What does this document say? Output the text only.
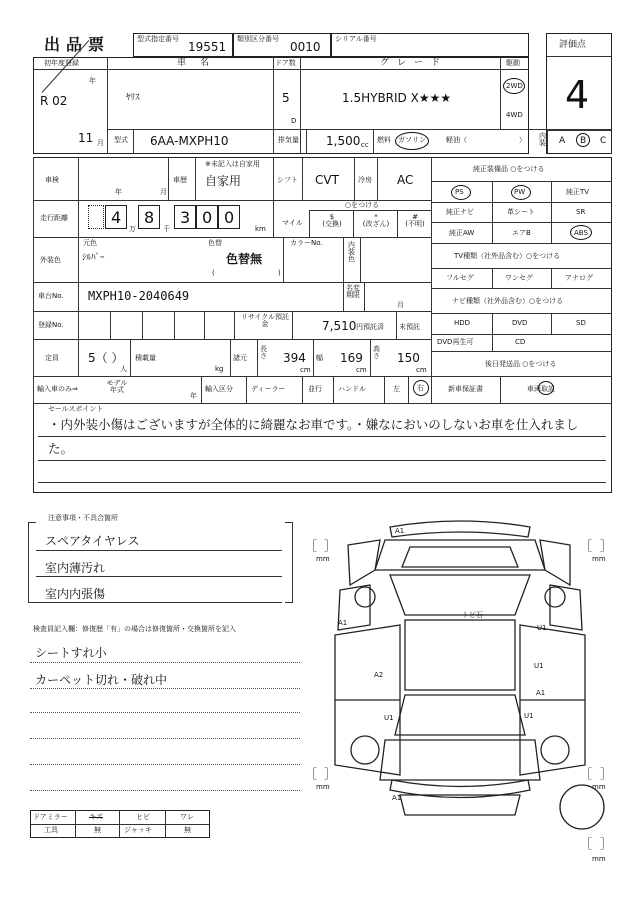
出品票	型式指定番号
19551
類別区分番号
0010
シリアル番号
評価点
4
初年度登録
年
R 02
11 月
車名
ﾔﾘｽ
ドア数
5
D
グレード
1.5HYBRID X★★★
駆動
2WD
4WD
型式 6AA-MXPH10	排気量 1,500 cc
燃料 ガソリン	軽油（	） 内装 A B C
車検
年	月
車歴
※未記入は自家用
自家用	シフト CVT	冷房 AC
走行距離	4
万
8
千
3 0 0
km
マイル
○をつける
$
(交換)
*
(改ざん)
#
(不明)
外装色
元色
ｼﾙﾊﾞｰ
色替
色替無
(	)
カラーNo.	内装色
車台No. MXPH10-2040649
名変期限
月
登録No.
リサイクル預託金	7,510 円預託済 未預託
定員 5（ ）
人
積載量
kg
諸元
長さ 394
cm
幅 169
cm
高さ 150
cm
輸入車のみ⇒
モデル年式
年
輸入区分	ディーラー	並行 ハンドル	左 右
純正装備品 ○をつける
PS	PW	純正TV
純正ナビ	革シート	SR
純正AW	エアB	ABS
TV種類（社外品含む）○をつける
フルセグ	ワンセグ	アナログ
ナビ種類（社外品含む）○をつける
HDD	DVD	SD
DVD再生可	CD
後日発送品 ○をつける
新車保証書	車両取説
セールスポイント
・内外装小傷はございますが全体的に綺麗なお車です。・嫌なにおいのしないお車を仕入れまし
た。
注意事項・不具合箇所
スペアタイヤレス
室内薄汚れ
室内内張傷
検査員記入欄：修復歴「有」の場合は修復箇所・交換箇所を記入
シートすれ小
カーペット切れ・破れ中
ドアミラー	キズ	ヒビ	ワレ
工具	無	ジャッキ	無
A1
A1
トビ石
U1
U1
A2
A1
U1	U1
A1
［ ］
mm
［ ］
mm
［ ］
mm
［ ］
mm
［ ］
mm
